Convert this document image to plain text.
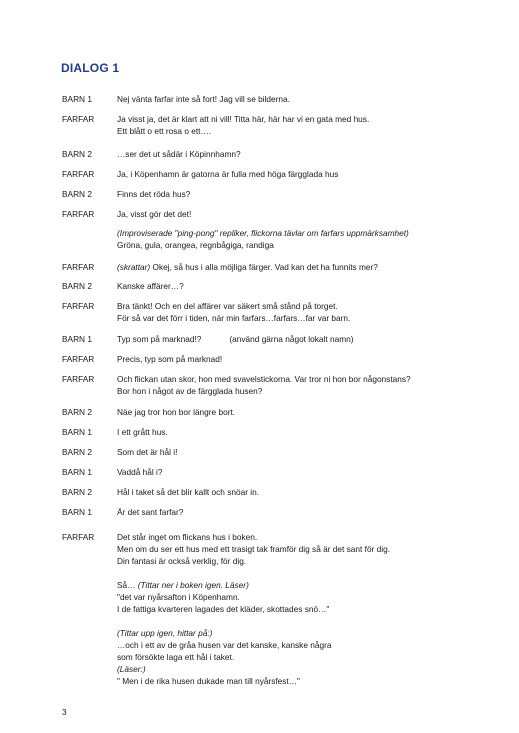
DIALOG 1
BARN 1	Nej vänta farfar inte så fort! Jag vill se bilderna.
FARFAR	Ja visst ja, det är klart att ni vill! Titta här, här har vi en gata med hus.
Ett blått o ett rosa o ett….
BARN 2	…ser det ut sådär i Köpinnhamn?
FARFAR	Ja, i Köpenhamn är gatorna är fulla med höga färgglada hus
BARN 2	Finns det röda hus?
FARFAR	Ja, visst gör det det!
(Improviserade "ping-pong" repliker, flickorna tävlar om farfars uppmärksamhet)
Gröna, gula, orangea, regnbågiga, randiga
FARFAR	(skrattar) Okej, så hus i alla möjliga färger. Vad kan det ha funnits mer?
BARN 2	Kanske affärer…?
FARFAR	Bra tänkt! Och en del affärer var säkert små stånd på torget.
För så var det förr i tiden, när min farfars…farfars…far var barn.
BARN 1	Typ som på marknad!?	(använd gärna något lokalt namn)
FARFAR	Precis, typ som på marknad!
FARFAR	Och flickan utan skor, hon med svavelstickorna. Var tror ni hon bor någonstans?
Bor hon i något av de färgglada husen?
BARN 2	Näe jag tror hon bor längre bort.
BARN 1	I ett grått hus.
BARN 2	Som det är hål i!
BARN 1	Vaddå hål i?
BARN 2	Hål i taket så det blir kallt och snöar in.
BARN 1	Är det sant farfar?
FARFAR	Det står inget om flickans hus i boken.
Men om du ser ett hus med ett trasigt tak framför dig så är det sant för dig.
Din fantasi är också verklig, för dig.
Så… (Tittar ner i boken igen. Läser)
"det var nyårsafton i Köpenhamn.
I de fattiga kvarteren lagades det kläder, skottades snö…"
(Tittar upp igen, hittar på:)
…och i ett av de gråa husen var det kanske, kanske några
som försökte laga ett hål i taket.
(Läser:)
" Men i de rika husen dukade man till nyårsfest…"
3
